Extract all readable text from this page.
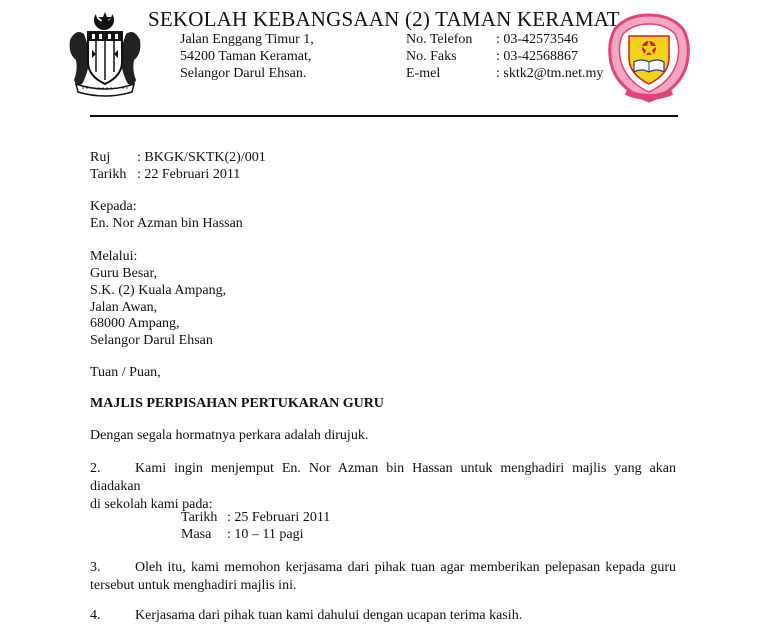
SEKOLAH KEBANGSAAN (2) TAMAN KERAMAT
Jalan Enggang Timur 1,
54200 Taman Keramat,
Selangor Darul Ehsan.
No. Telefon
No. Faks
E-mel
: 03-42573546
: 03-42568867
: sktk2@tm.net.my
Ruj : BKGK/SKTK(2)/001
Tarikh : 22 Februari 2011
Kepada:
En. Nor Azman bin Hassan
Melalui:
Guru Besar,
S.K. (2) Kuala Ampang,
Jalan Awan,
68000 Ampang,
Selangor Darul Ehsan
Tuan / Puan,
MAJLIS PERPISAHAN PERTUKARAN GURU
Dengan segala hormatnya perkara adalah dirujuk.
2. Kami ingin menjemput En. Nor Azman bin Hassan untuk menghadiri majlis yang akan diadakan
di sekolah kami pada:
Tarikh : 25 Februari 2011
Masa : 10 – 11 pagi
3. Oleh itu, kami memohon kerjasama dari pihak tuan agar memberikan pelepasan kepada guru
tersebut untuk menghadiri majlis ini.
4. Kerjasama dari pihak tuan kami dahului dengan ucapan terima kasih.
